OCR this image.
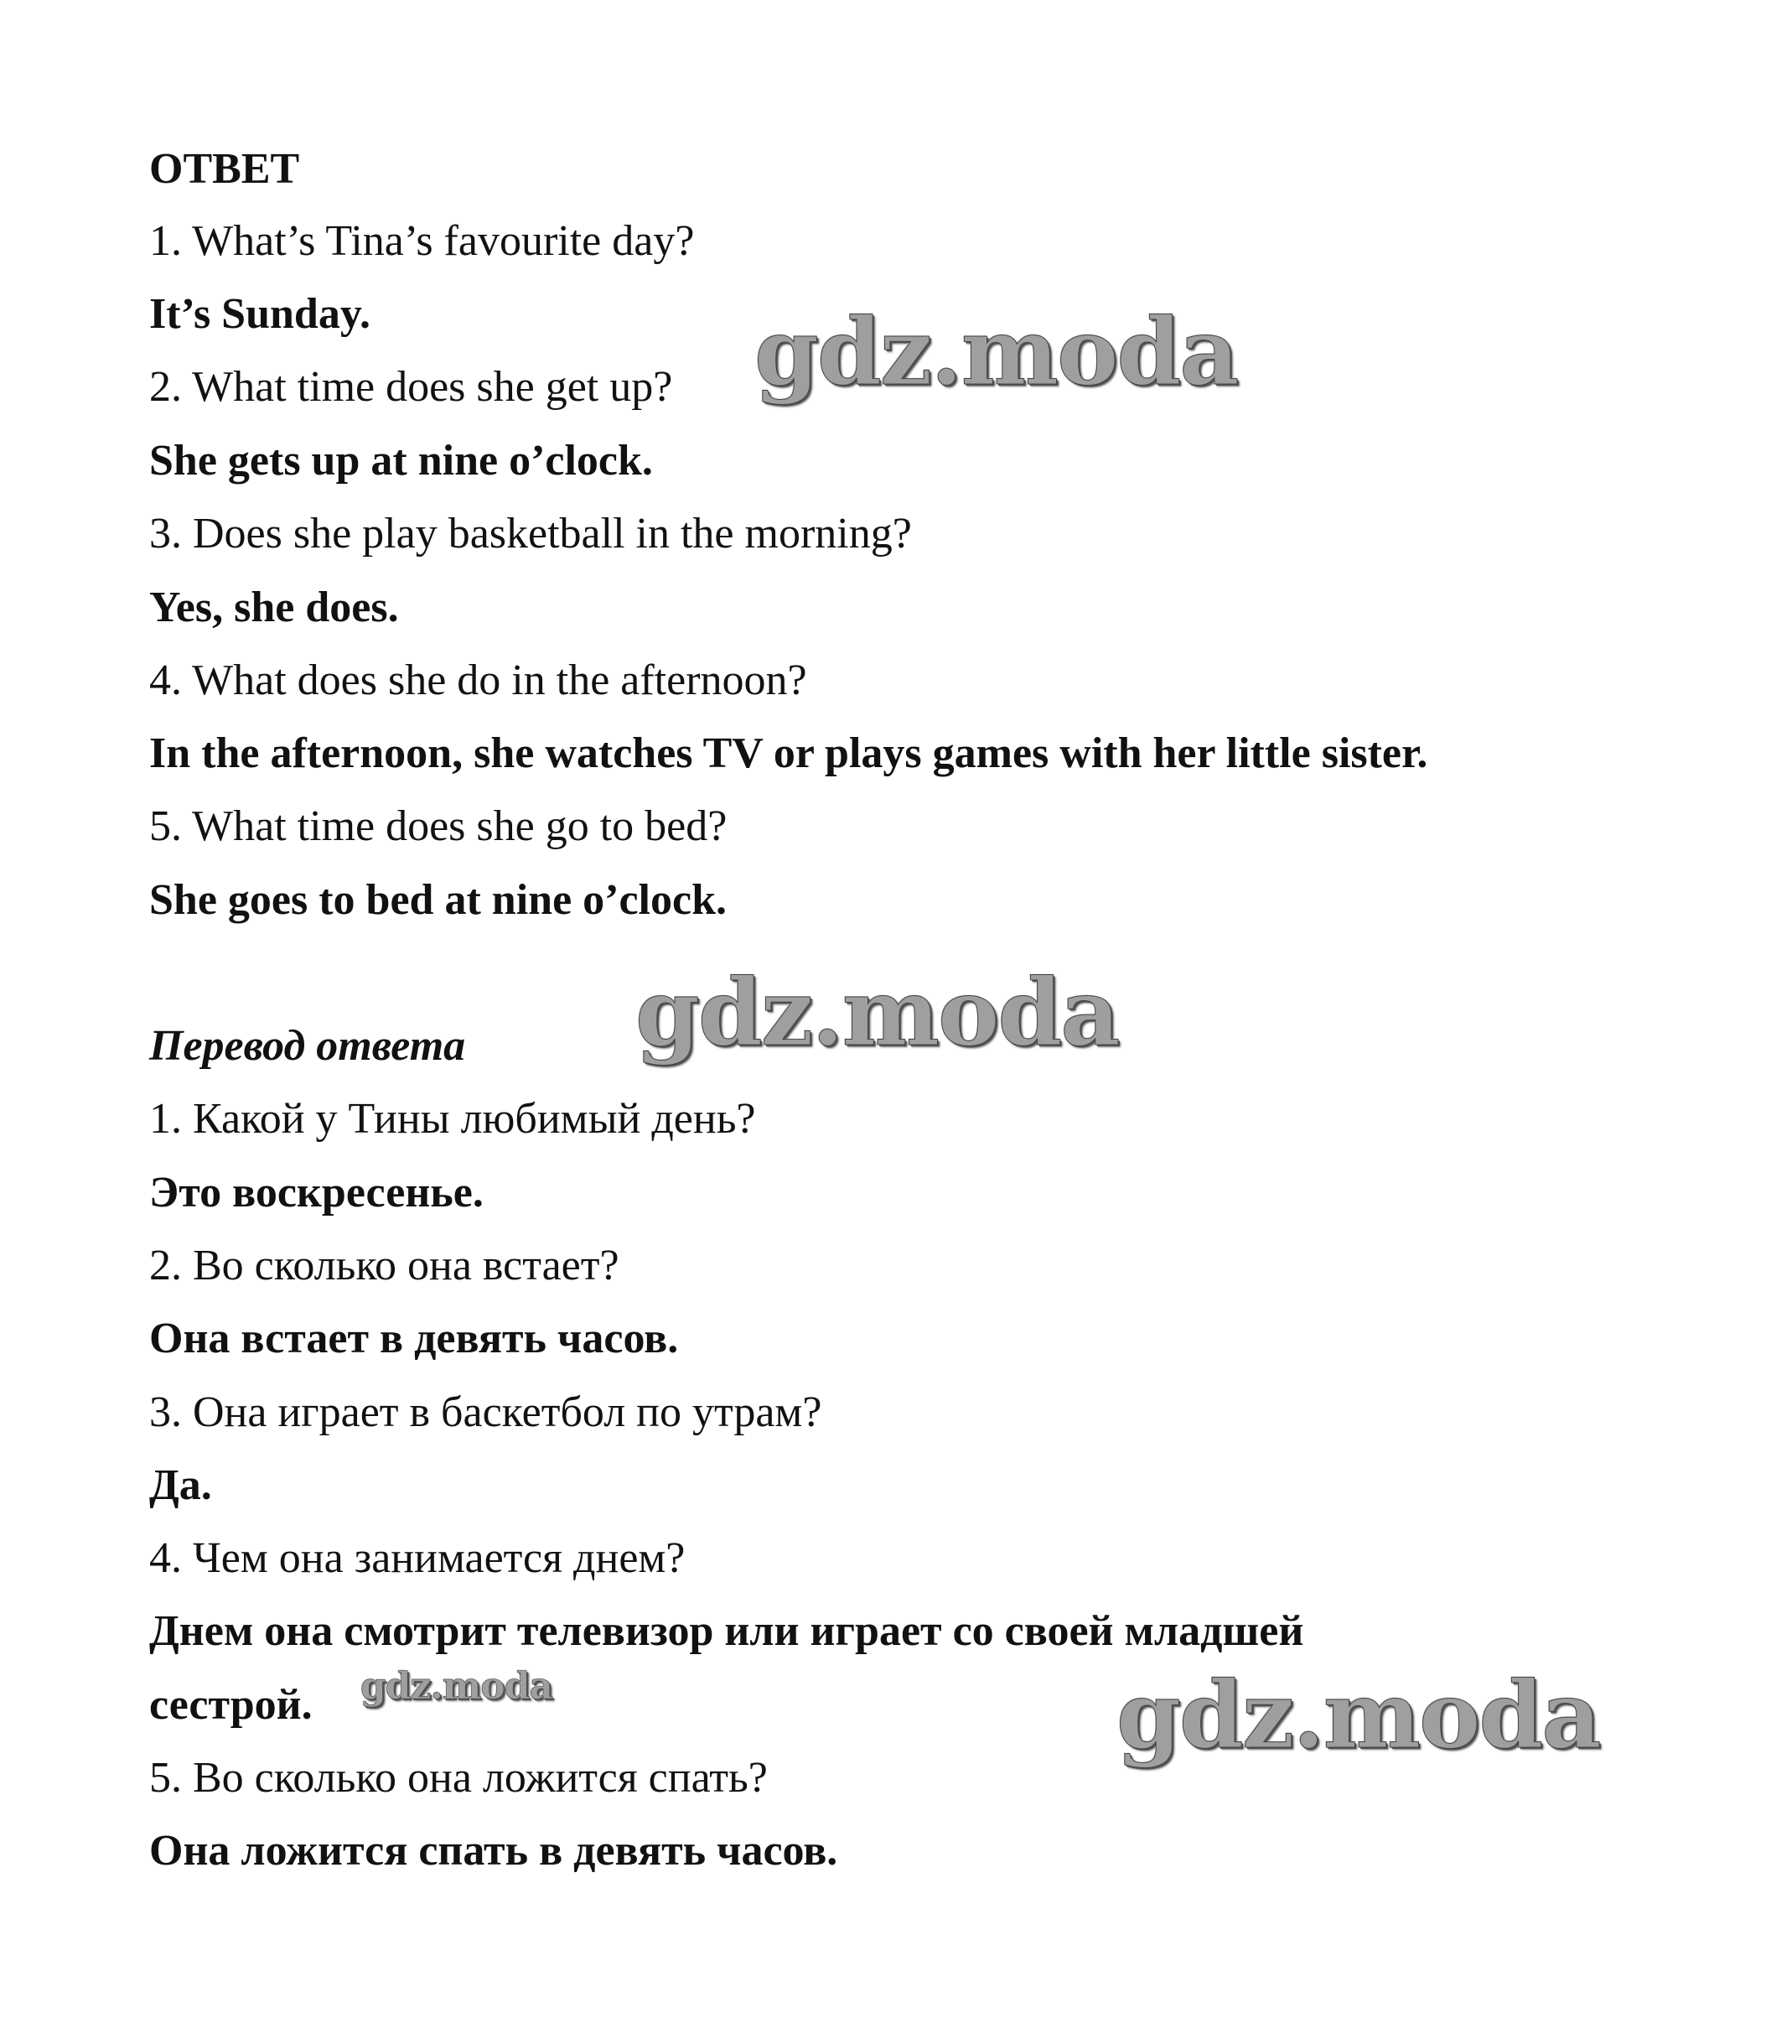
ОТВЕТ
1. What’s Tina’s favourite day?
It’s Sunday.
2. What time does she get up?
She gets up at nine o’clock.
3. Does she play basketball in the morning?
Yes, she does.
4. What does she do in the afternoon?
In the afternoon, she watches TV or plays games with her little sister.
5. What time does she go to bed?
She goes to bed at nine o’clock.
Перевод ответа
1. Какой у Тины любимый день?
Это воскресенье.
2. Во сколько она встает?
Она встает в девять часов.
3. Она играет в баскетбол по утрам?
Да.
4. Чем она занимается днем?
Днем она смотрит телевизор или играет со своей младшей
сестрой.
5. Во сколько она ложится спать?
Она ложится спать в девять часов.
gdz.moda
gdz.moda
gdz.moda	gdz.moda
